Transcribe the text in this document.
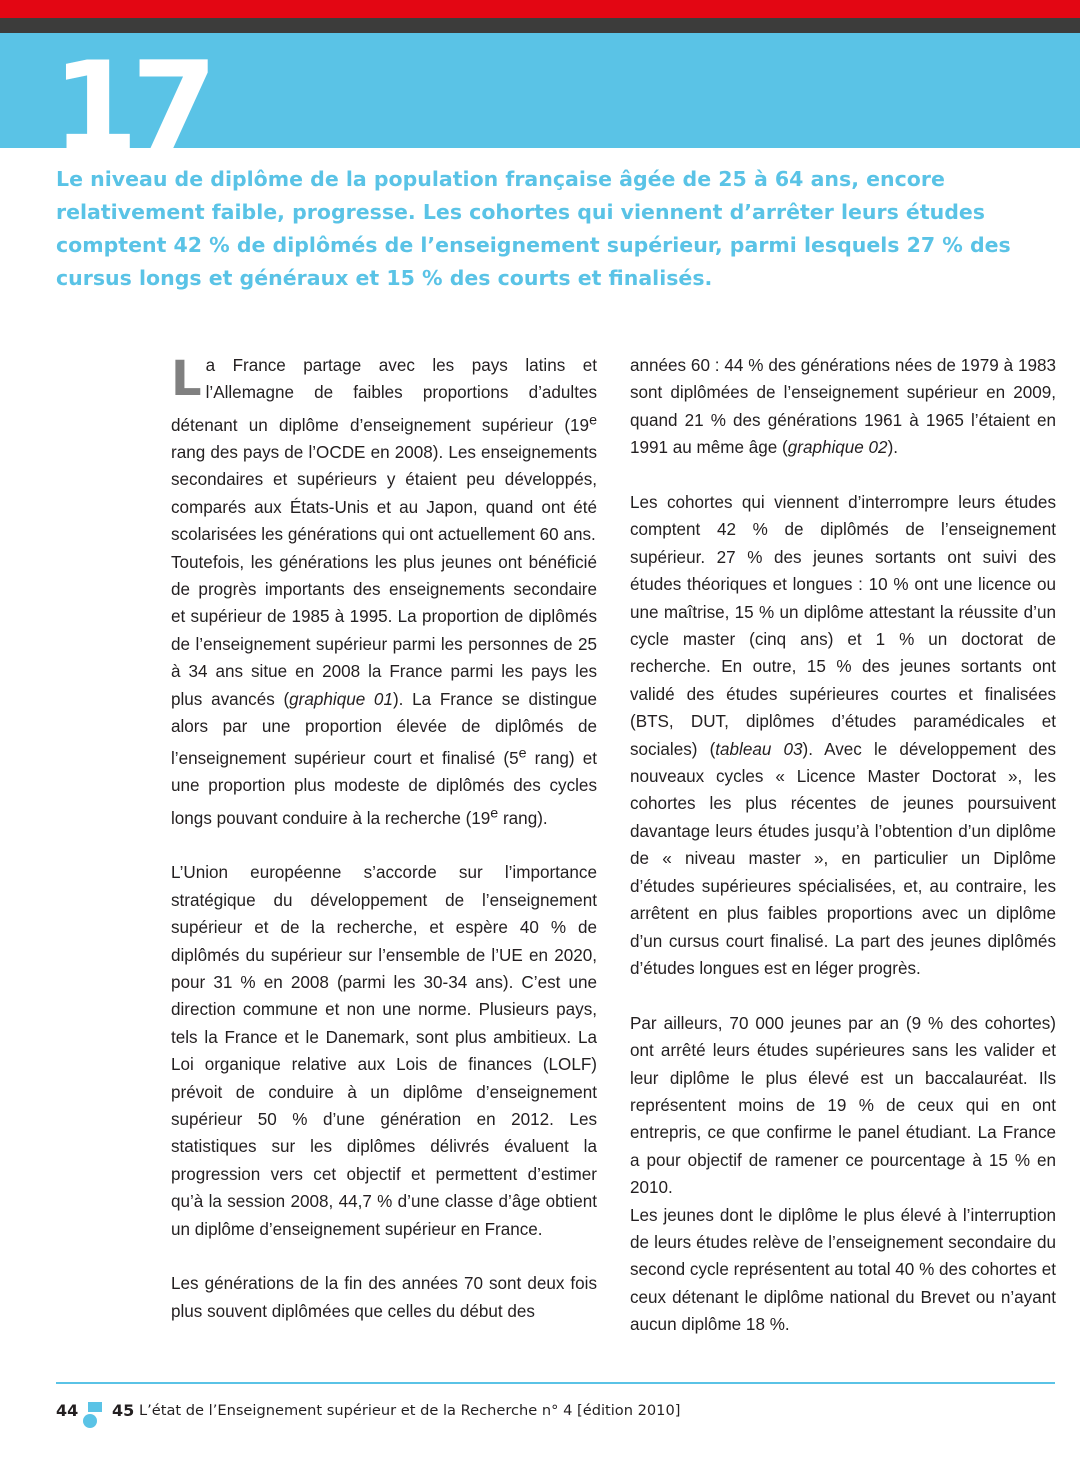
17

Le niveau de diplôme de la population française âgée de 25 à 64 ans, encore relativement faible, progresse. Les cohortes qui viennent d’arrêter leurs études comptent 42 % de diplômés de l’enseignement supérieur, parmi lesquels 27 % des cursus longs et généraux et 15 % des courts et finalisés.

La France partage avec les pays latins et l’Allemagne de faibles proportions d’adultes détenant un diplôme d’enseignement supérieur (19e rang des pays de l’OCDE en 2008). Les enseignements secondaires et supérieurs y étaient peu développés, comparés aux États-Unis et au Japon, quand ont été scolarisées les générations qui ont actuellement 60 ans.

Toutefois, les générations les plus jeunes ont bénéficié de progrès importants des enseignements secondaire et supérieur de 1985 à 1995. La proportion de diplômés de l’enseignement supérieur parmi les personnes de 25 à 34 ans situe en 2008 la France parmi les pays les plus avancés (graphique 01). La France se distingue alors par une proportion élevée de diplômés de l’enseignement supérieur court et finalisé (5e rang) et une proportion plus modeste de diplômés des cycles longs pouvant conduire à la recherche (19e rang).

L’Union européenne s’accorde sur l’importance stratégique du développement de l’enseignement supérieur et de la recherche, et espère 40 % de diplômés du supérieur sur l’ensemble de l’UE en 2020, pour 31 % en 2008 (parmi les 30-34 ans). C’est une direction commune et non une norme. Plusieurs pays, tels la France et le Danemark, sont plus ambitieux. La Loi organique relative aux Lois de finances (LOLF) prévoit de conduire à un diplôme d’enseignement supérieur 50 % d’une génération en 2012. Les statistiques sur les diplômes délivrés évaluent la progression vers cet objectif et permettent d’estimer qu’à la session 2008, 44,7 % d’une classe d’âge obtient un diplôme d’enseignement supérieur en France.

Les générations de la fin des années 70 sont deux fois plus souvent diplômées que celles du début des

années 60 : 44 % des générations nées de 1979 à 1983 sont diplômées de l’enseignement supérieur en 2009, quand 21 % des générations 1961 à 1965 l’étaient en 1991 au même âge (graphique 02).

Les cohortes qui viennent d’interrompre leurs études comptent 42 % de diplômés de l’enseignement supérieur. 27 % des jeunes sortants ont suivi des études théoriques et longues : 10 % ont une licence ou une maîtrise, 15 % un diplôme attestant la réussite d’un cycle master (cinq ans) et 1 % un doctorat de recherche. En outre, 15 % des jeunes sortants ont validé des études supérieures courtes et finalisées (BTS, DUT, diplômes d’études paramédicales et sociales) (tableau 03). Avec le développement des nouveaux cycles « Licence Master Doctorat », les cohortes les plus récentes de jeunes poursuivent davantage leurs études jusqu’à l’obtention d’un diplôme de « niveau master », en particulier un Diplôme d’études supérieures spécialisées, et, au contraire, les arrêtent en plus faibles proportions avec un diplôme d’un cursus court finalisé. La part des jeunes diplômés d’études longues est en léger progrès.

Par ailleurs, 70 000 jeunes par an (9 % des cohortes) ont arrêté leurs études supérieures sans les valider et leur diplôme le plus élevé est un baccalauréat. Ils représentent moins de 19 % de ceux qui en ont entrepris, ce que confirme le panel étudiant. La France a pour objectif de ramener ce pourcentage à 15 % en 2010.

Les jeunes dont le diplôme le plus élevé à l’interruption de leurs études relève de l’enseignement secondaire du second cycle représentent au total 40 % des cohortes et ceux détenant le diplôme national du Brevet ou n’ayant aucun diplôme 18 %.

44 45 L’état de l’Enseignement supérieur et de la Recherche n° 4 [édition 2010]
